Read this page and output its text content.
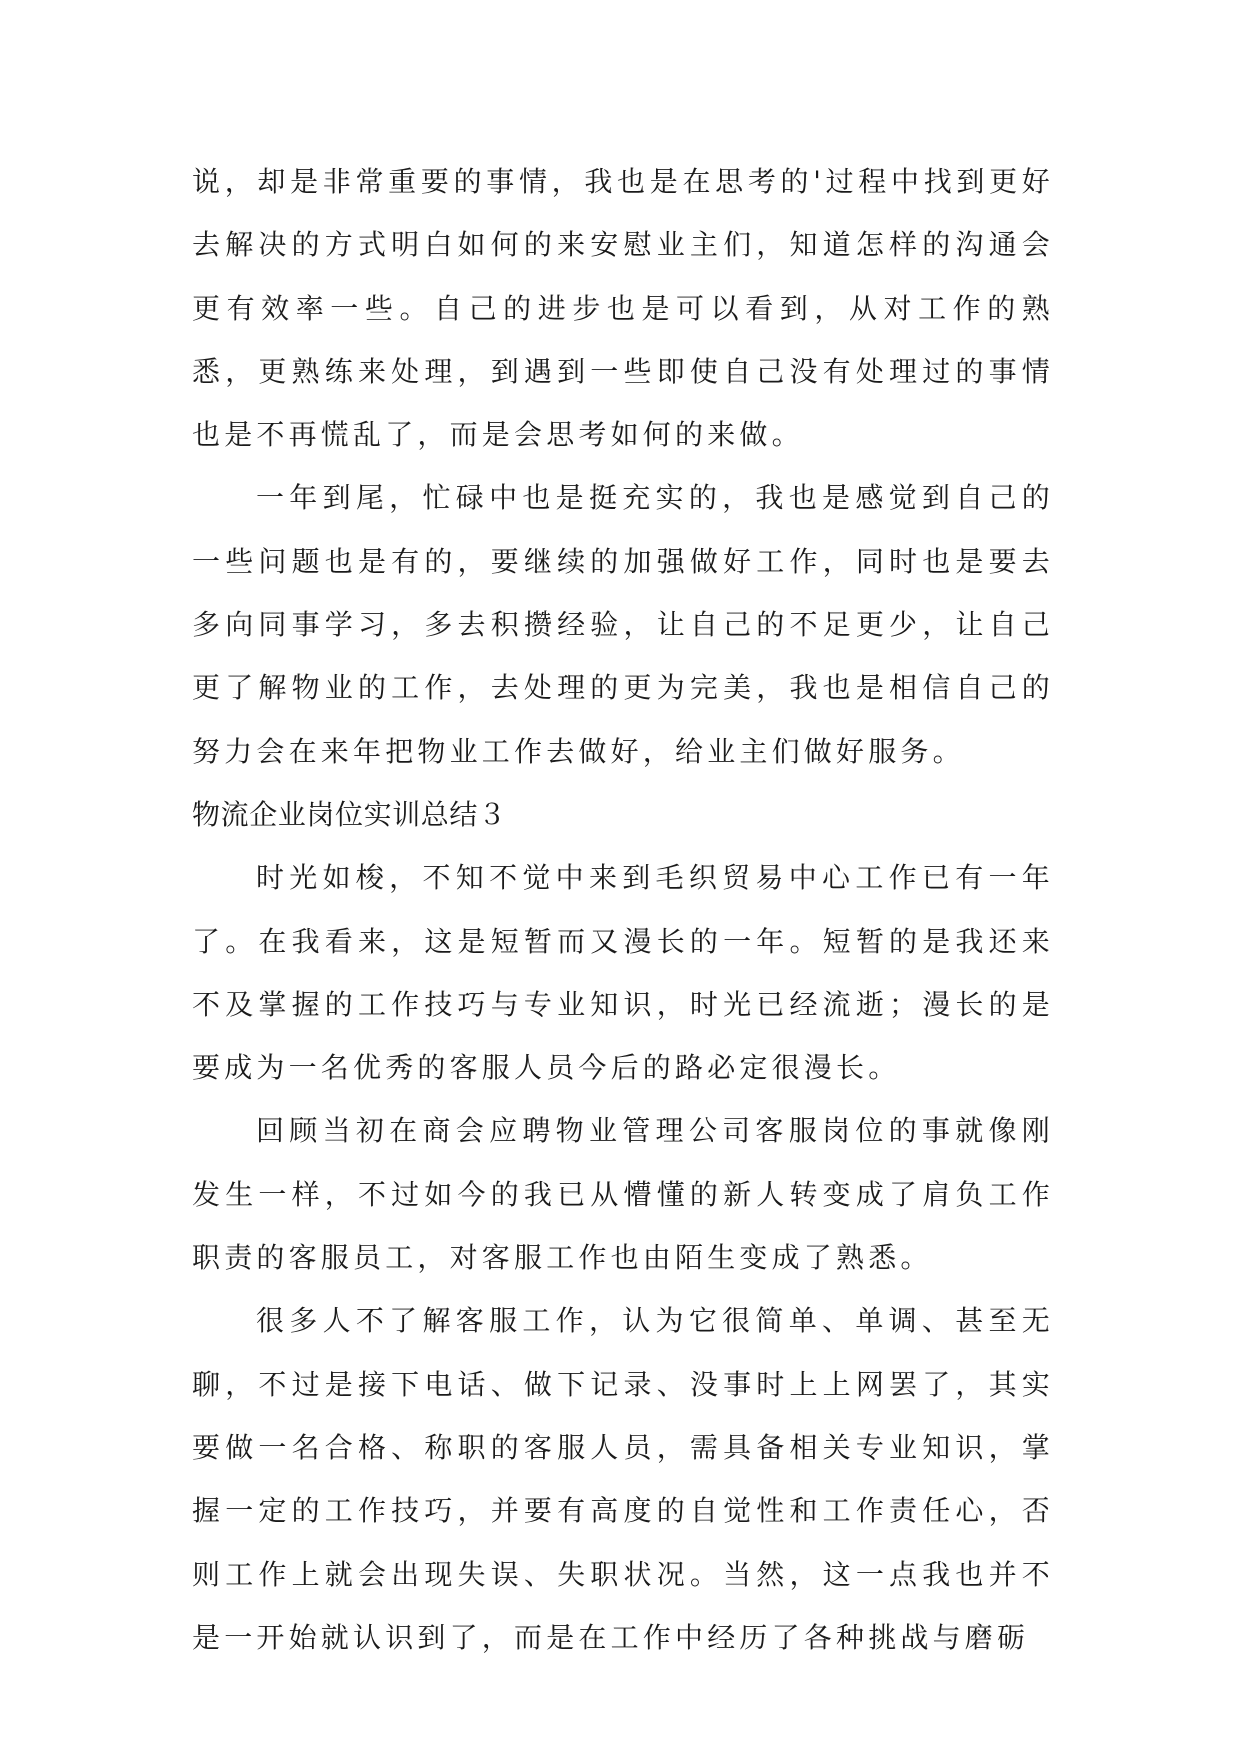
说，却是非常重要的事情，我也是在思考的'过程中找到更好去解决的方式明白如何的来安慰业主们，知道怎样的沟通会更有效率一些。自己的进步也是可以看到，从对工作的熟悉，更熟练来处理，到遇到一些即使自己没有处理过的事情也是不再慌乱了，而是会思考如何的来做。

一年到尾，忙碌中也是挺充实的，我也是感觉到自己的一些问题也是有的，要继续的加强做好工作，同时也是要去多向同事学习，多去积攒经验，让自己的不足更少，让自己更了解物业的工作，去处理的更为完美，我也是相信自己的努力会在来年把物业工作去做好，给业主们做好服务。

物流企业岗位实训总结３

时光如梭，不知不觉中来到毛织贸易中心工作已有一年了。在我看来，这是短暂而又漫长的一年。短暂的是我还来不及掌握的工作技巧与专业知识，时光已经流逝；漫长的是要成为一名优秀的客服人员今后的路必定很漫长。

回顾当初在商会应聘物业管理公司客服岗位的事就像刚发生一样，不过如今的我已从懵懂的新人转变成了肩负工作职责的客服员工，对客服工作也由陌生变成了熟悉。

很多人不了解客服工作，认为它很简单、单调、甚至无聊，不过是接下电话、做下记录、没事时上上网罢了，其实要做一名合格、称职的客服人员，需具备相关专业知识，掌握一定的工作技巧，并要有高度的自觉性和工作责任心，否则工作上就会出现失误、失职状况。当然，这一点我也并不是一开始就认识到了，而是在工作中经历了各种挑战与磨砺
